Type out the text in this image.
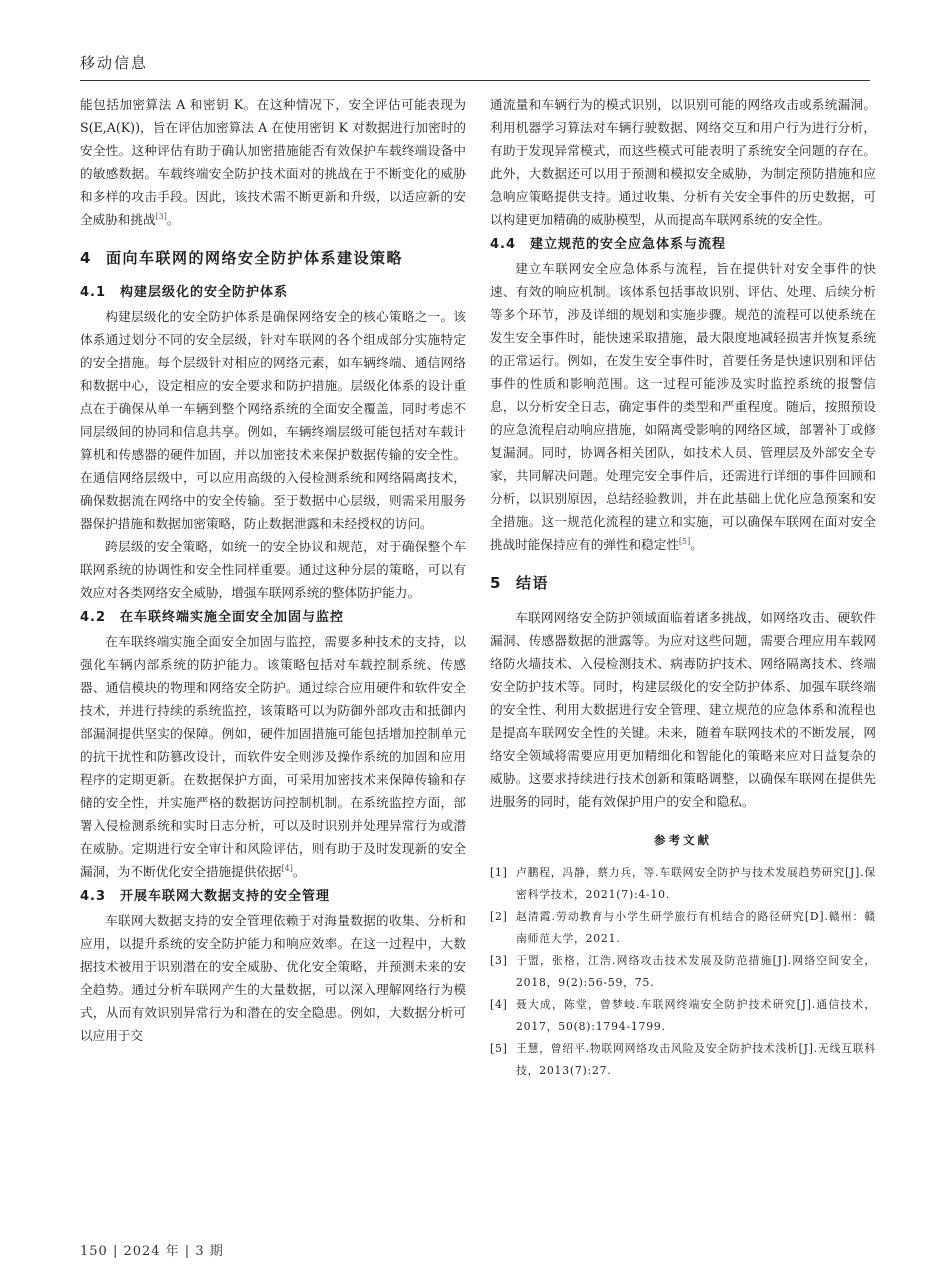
移动信息

能包括加密算法 A 和密钥 K。在这种情况下，安全评估可能表现为 S(E,A(K))，旨在评估加密算法 A 在使用密钥 K 对数据进行加密时的安全性。这种评估有助于确认加密措施能否有效保护车载终端设备中的敏感数据。车载终端安全防护技术面对的挑战在于不断变化的威胁和多样的攻击手段。因此，该技术需不断更新和升级，以适应新的安全威胁和挑战[3]。

4 面向车联网的网络安全防护体系建设策略
4.1 构建层级化的安全防护体系

构建层级化的安全防护体系是确保网络安全的核心策略之一。该体系通过划分不同的安全层级，针对车联网的各个组成部分实施特定的安全措施。每个层级针对相应的网络元素，如车辆终端、通信网络和数据中心，设定相应的安全要求和防护措施。层级化体系的设计重点在于确保从单一车辆到整个网络系统的全面安全覆盖，同时考虑不同层级间的协同和信息共享。例如，车辆终端层级可能包括对车载计算机和传感器的硬件加固，并以加密技术来保护数据传输的安全性。在通信网络层级中，可以应用高级的入侵检测系统和网络隔离技术，确保数据流在网络中的安全传输。至于数据中心层级，则需采用服务器保护措施和数据加密策略，防止数据泄露和未经授权的访问。

跨层级的安全策略，如统一的安全协议和规范，对于确保整个车联网系统的协调性和安全性同样重要。通过这种分层的策略，可以有效应对各类网络安全威胁，增强车联网系统的整体防护能力。

4.2 在车联终端实施全面安全加固与监控

在车联终端实施全面安全加固与监控，需要多种技术的支持，以强化车辆内部系统的防护能力。该策略包括对车载控制系统、传感器、通信模块的物理和网络安全防护。通过综合应用硬件和软件安全技术，并进行持续的系统监控，该策略可以为防御外部攻击和抵御内部漏洞提供坚实的保障。例如，硬件加固措施可能包括增加控制单元的抗干扰性和防篡改设计，而软件安全则涉及操作系统的加固和应用程序的定期更新。在数据保护方面，可采用加密技术来保障传输和存储的安全性，并实施严格的数据访问控制机制。在系统监控方面，部署入侵检测系统和实时日志分析，可以及时识别并处理异常行为或潜在威胁。定期进行安全审计和风险评估，则有助于及时发现新的安全漏洞，为不断优化安全措施提供依据[4]。

4.3 开展车联网大数据支持的安全管理

车联网大数据支持的安全管理依赖于对海量数据的收集、分析和应用，以提升系统的安全防护能力和响应效率。在这一过程中，大数据技术被用于识别潜在的安全威胁、优化安全策略，并预测未来的安全趋势。通过分析车联网产生的大量数据，可以深入理解网络行为模式，从而有效识别异常行为和潜在的安全隐患。例如，大数据分析可以应用于交

通流量和车辆行为的模式识别，以识别可能的网络攻击或系统漏洞。利用机器学习算法对车辆行驶数据、网络交互和用户行为进行分析，有助于发现异常模式，而这些模式可能表明了系统安全问题的存在。此外，大数据还可以用于预测和模拟安全威胁，为制定预防措施和应急响应策略提供支持。通过收集、分析有关安全事件的历史数据，可以构建更加精确的威胁模型，从而提高车联网系统的安全性。

4.4 建立规范的安全应急体系与流程

建立车联网安全应急体系与流程，旨在提供针对安全事件的快速、有效的响应机制。该体系包括事故识别、评估、处理、后续分析等多个环节，涉及详细的规划和实施步骤。规范的流程可以使系统在发生安全事件时，能快速采取措施，最大限度地减轻损害并恢复系统的正常运行。例如，在发生安全事件时，首要任务是快速识别和评估事件的性质和影响范围。这一过程可能涉及实时监控系统的报警信息，以分析安全日志，确定事件的类型和严重程度。随后，按照预设的应急流程启动响应措施，如隔离受影响的网络区域，部署补丁或修复漏洞。同时，协调各相关团队，如技术人员、管理层及外部安全专家，共同解决问题。处理完安全事件后，还需进行详细的事件回顾和分析，以识别原因，总结经验教训，并在此基础上优化应急预案和安全措施。这一规范化流程的建立和实施，可以确保车联网在面对安全挑战时能保持应有的弹性和稳定性[5]。

5 结语

车联网网络安全防护领域面临着诸多挑战，如网络攻击、硬软件漏洞、传感器数据的泄露等。为应对这些问题，需要合理应用车载网络防火墙技术、入侵检测技术、病毒防护技术、网络隔离技术、终端安全防护技术等。同时，构建层级化的安全防护体系、加强车联终端的安全性、利用大数据进行安全管理、建立规范的应急体系和流程也是提高车联网安全性的关键。未来，随着车联网技术的不断发展，网络安全领域将需要应用更加精细化和智能化的策略来应对日益复杂的威胁。这要求持续进行技术创新和策略调整，以确保车联网在提供先进服务的同时，能有效保护用户的安全和隐私。

参考文献
[1] 卢鹏程，冯静，蔡力兵，等.车联网安全防护与技术发展趋势研究[J].保密科学技术，2021(7):4-10.
[2] 赵清霞.劳动教育与小学生研学旅行有机结合的路径研究[D].赣州：赣南师范大学，2021.
[3] 于盟，张格，江浩.网络攻击技术发展及防范措施[J].网络空间安全，2018，9(2):56-59，75.
[4] 聂大成，陈堂，曾梦岐.车联网终端安全防护技术研究[J].通信技术，2017，50(8):1794-1799.
[5] 王慧，曾绍平.物联网网络攻击风险及安全防护技术浅析[J].无线互联科技，2013(7):27.
150 | 2024 年 | 3 期
